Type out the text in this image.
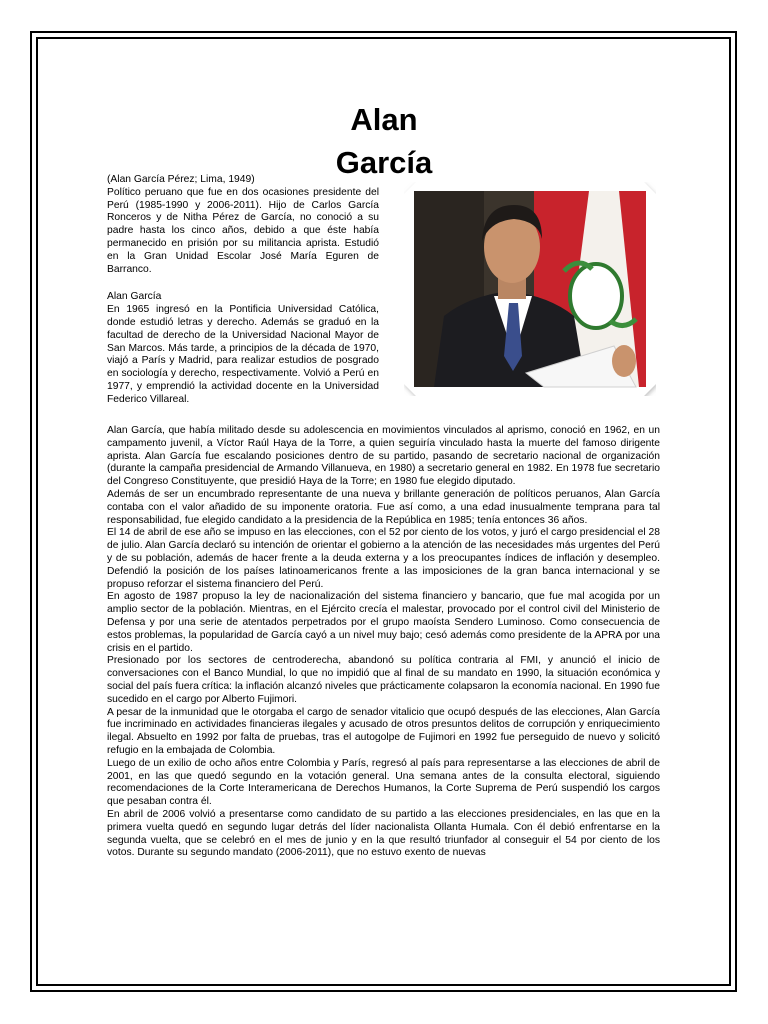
Alan
García

(Alan García Pérez; Lima, 1949)

Político peruano que fue en dos ocasiones presidente del Perú (1985-1990 y 2006-2011). Hijo de Carlos García Ronceros y de Nitha Pérez de García, no conoció a su padre hasta los cinco años, debido a que éste había permanecido en prisión por su militancia aprista. Estudió en la Gran Unidad Escolar José María Eguren de Barranco.

Alan García

En 1965 ingresó en la Pontificia Universidad Católica, donde estudió letras y derecho. Además se graduó en la facultad de derecho de la Universidad Nacional Mayor de San Marcos. Más tarde, a principios de la década de 1970, viajó a París y Madrid, para realizar estudios de posgrado en sociología y derecho, respectivamente. Volvió a Perú en 1977, y emprendió la actividad docente en la Universidad Federico Villareal.

Alan García, que había militado desde su adolescencia en movimientos vinculados al aprismo, conoció en 1962, en un campamento juvenil, a Víctor Raúl Haya de la Torre, a quien seguiría vinculado hasta la muerte del famoso dirigente aprista. Alan García fue escalando posiciones dentro de su partido, pasando de secretario nacional de organización (durante la campaña presidencial de Armando Villanueva, en 1980) a secretario general en 1982. En 1978 fue secretario del Congreso Constituyente, que presidió Haya de la Torre; en 1980 fue elegido diputado.

Además de ser un encumbrado representante de una nueva y brillante generación de políticos peruanos, Alan García contaba con el valor añadido de su imponente oratoria. Fue así como, a una edad inusualmente temprana para tal responsabilidad, fue elegido candidato a la presidencia de la República en 1985; tenía entonces 36 años.

El 14 de abril de ese año se impuso en las elecciones, con el 52 por ciento de los votos, y juró el cargo presidencial el 28 de julio. Alan García declaró su intención de orientar el gobierno a la atención de las necesidades más urgentes del Perú y de su población, además de hacer frente a la deuda externa y a los preocupantes índices de inflación y desempleo. Defendió la posición de los países latinoamericanos frente a las imposiciones de la gran banca internacional y se propuso reforzar el sistema financiero del Perú.

En agosto de 1987 propuso la ley de nacionalización del sistema financiero y bancario, que fue mal acogida por un amplio sector de la población. Mientras, en el Ejército crecía el malestar, provocado por el control civil del Ministerio de Defensa y por una serie de atentados perpetrados por el grupo maoísta Sendero Luminoso. Como consecuencia de estos problemas, la popularidad de García cayó a un nivel muy bajo; cesó además como presidente de la APRA por una crisis en el partido.

Presionado por los sectores de centroderecha, abandonó su política contraria al FMI, y anunció el inicio de conversaciones con el Banco Mundial, lo que no impidió que al final de su mandato en 1990, la situación económica y social del país fuera crítica: la inflación alcanzó niveles que prácticamente colapsaron la economía nacional. En 1990 fue sucedido en el cargo por Alberto Fujimori.

A pesar de la inmunidad que le otorgaba el cargo de senador vitalicio que ocupó después de las elecciones, Alan García fue incriminado en actividades financieras ilegales y acusado de otros presuntos delitos de corrupción y enriquecimiento ilegal. Absuelto en 1992 por falta de pruebas, tras el autogolpe de Fujimori en 1992 fue perseguido de nuevo y solicitó refugio en la embajada de Colombia.

Luego de un exilio de ocho años entre Colombia y París, regresó al país para representarse a las elecciones de abril de 2001, en las que quedó segundo en la votación general. Una semana antes de la consulta electoral, siguiendo recomendaciones de la Corte Interamericana de Derechos Humanos, la Corte Suprema de Perú suspendió los cargos que pesaban contra él.

En abril de 2006 volvió a presentarse como candidato de su partido a las elecciones presidenciales, en las que en la primera vuelta quedó en segundo lugar detrás del líder nacionalista Ollanta Humala. Con él debió enfrentarse en la segunda vuelta, que se celebró en el mes de junio y en la que resultó triunfador al conseguir el 54 por ciento de los votos. Durante su segundo mandato (2006-2011), que no estuvo exento de nuevas
